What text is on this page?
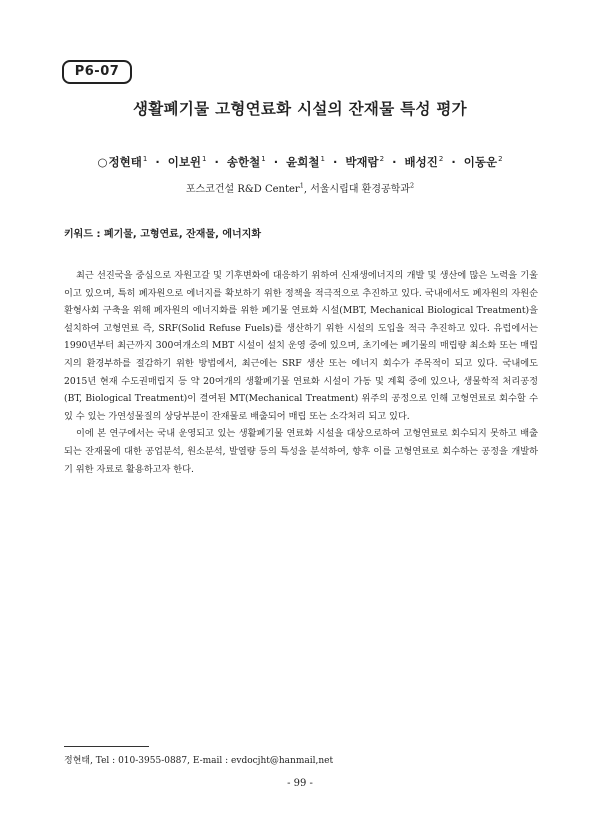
P6-07
생활폐기물 고형연료화 시설의 잔재물 특성 평가
○정현태$^1$ · 이보윈$^1$ · 송한철$^1$ · 윤희철$^1$ · 박재람$^2$ · 배성진$^2$ · 이동운$^2$
포스코건설 R&D Center$^1$, 서울시립대 환경공학과$^2$
키워드 : 폐기물, 고형연료, 잔재물, 에너지화

최근 선진국을 중심으로 자원고갈 및 기후변화에 대응하기 위하여 신재생에너지의 개발 및 생산에 많은 노력을 기울이고 있으며, 특히 폐자원으로 에너지를 확보하기 위한 정책을 적극적으로 추진하고 있다. 국내에서도 폐자원의 자원순환형사회 구축을 위해 폐자원의 에너지화를 위한 폐기물 연료화 시설(MBT, Mechanical Biological Treatment)을 설치하여 고형연료 즉, SRF(Solid Refuse Fuels)를 생산하기 위한 시설의 도입을 적극 추진하고 있다. 유럽에서는 1990년부터 최근까지 300여개소의 MBT 시설이 설치 운영 중에 있으며, 초기에는 폐기물의 매립량 최소화 또는 매립지의 환경부하를 절감하기 위한 방법에서, 최근에는 SRF 생산 또는 에너지 회수가 주목적이 되고 있다. 국내에도 2015년 현재 수도권매립지 등 약 20여개의 생활폐기물 연료화 시설이 가동 및 계획 중에 있으나, 생물학적 처리공정(BT, Biological Treatment)이 결여된 MT(Mechanical Treatment) 위주의 공정으로 인해 고형연료로 회수할 수 있 수 있는 가연성물질의 상당부분이 잔재물로 배출되어 매립 또는 소각처리 되고 있다.

이에 본 연구에서는 국내 운영되고 있는 생활폐기물 연료화 시설을 대상으로하여 고형연료로 회수되지 못하고 배출되는 잔재물에 대한 공업분석, 원소분석, 발열량 등의 특성을 분석하여, 향후 이를 고형연료로 회수하는 공정을 개발하기 위한 자료로 활용하고자 한다.

정현태, Tel : 010-3955-0887, E-mail : evdocjht@hanmail,net
- 99 -
